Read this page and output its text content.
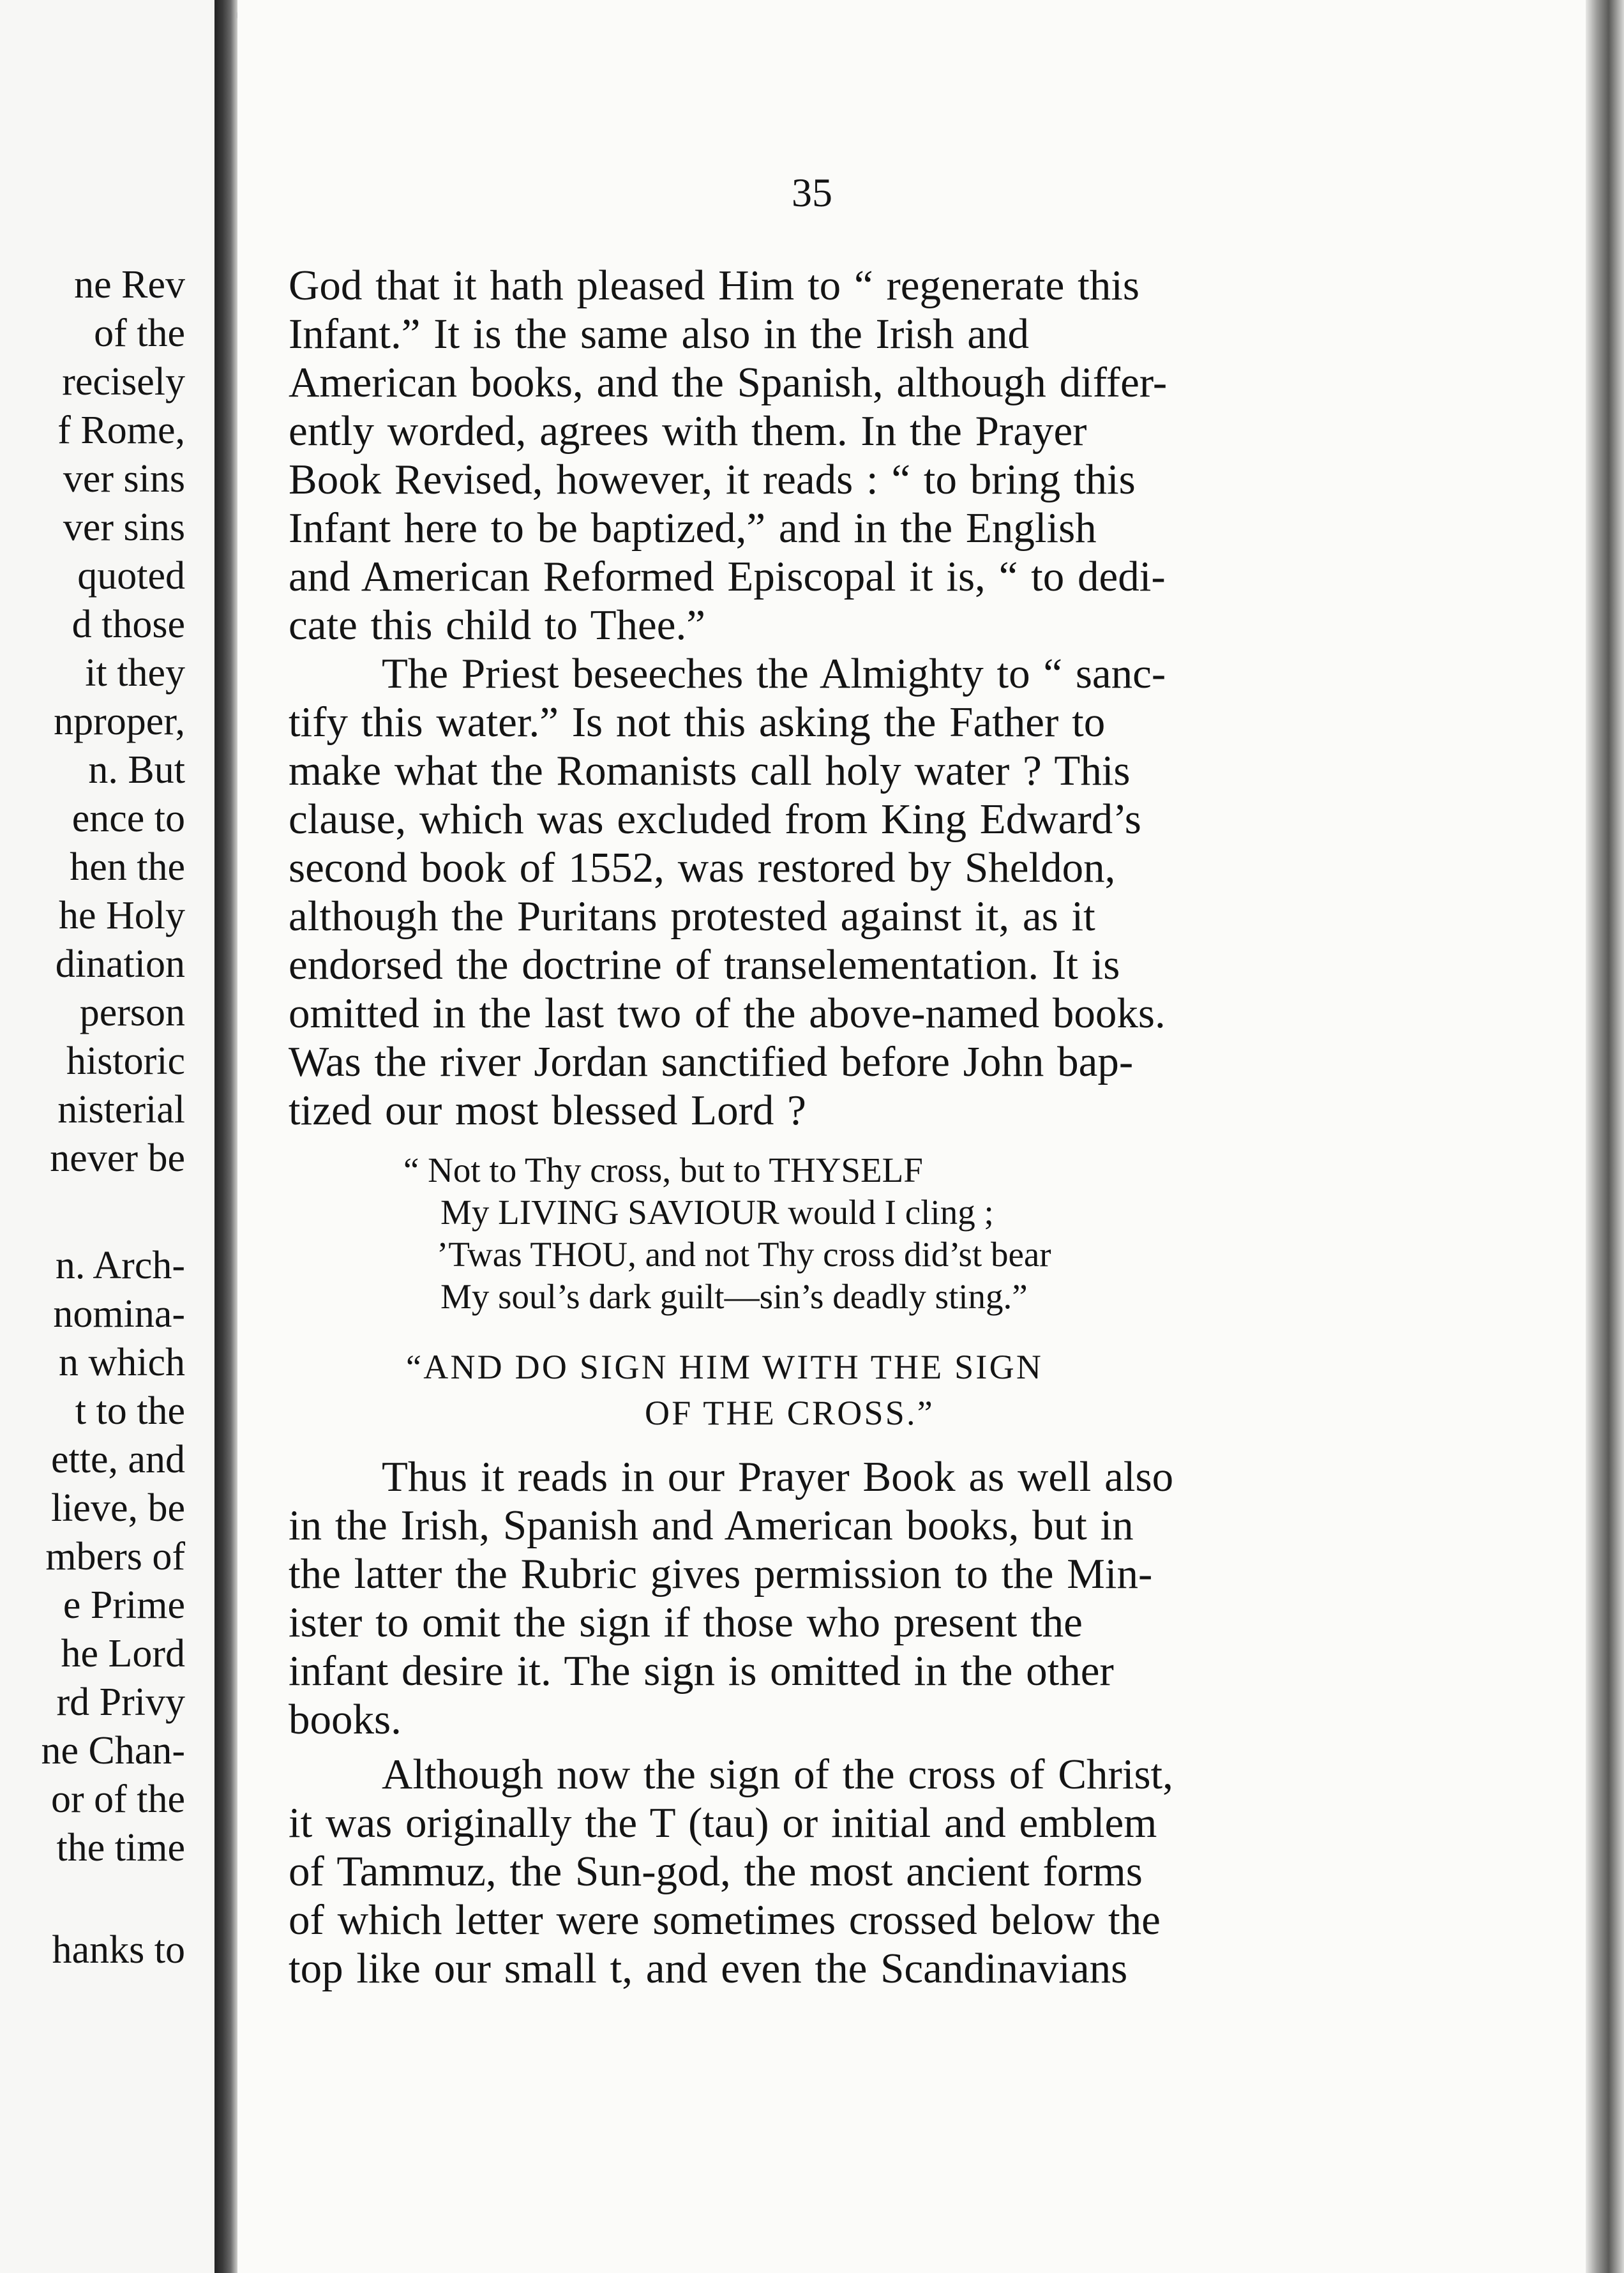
ne Rev
of the
recisely
f Rome,
ver sins
ver sins
quoted
d those
it they
nproper,
n. But
ence to
hen the
he Holy
dination
person
historic
nisterial
never be
n. Arch-
nomina-
n which
t to the
ette, and
lieve, be
mbers of
e Prime
he Lord
rd Privy
ne Chan-
or of the
the time
hanks to
35
God that it hath pleased Him to “ regenerate this
Infant.” It is the same also in the Irish and
American books, and the Spanish, although differ-
ently worded, agrees with them. In the Prayer
Book Revised, however, it reads : “ to bring this
Infant here to be baptized,” and in the English
and American Reformed Episcopal it is, “ to dedi-
cate this child to Thee.”
The Priest beseeches the Almighty to “ sanc-
tify this water.” Is not this asking the Father to
make what the Romanists call holy water ? This
clause, which was excluded from King Edward’s
second book of 1552, was restored by Sheldon,
although the Puritans protested against it, as it
endorsed the doctrine of transelementation. It is
omitted in the last two of the above-named books.
Was the river Jordan sanctified before John bap-
tized our most blessed Lord ?
“ Not to Thy cross, but to THYSELF
My LIVING SAVIOUR would I cling ;
’Twas THOU, and not Thy cross did’st bear
My soul’s dark guilt—sin’s deadly sting.”
“AND DO SIGN HIM WITH THE SIGN
OF THE CROSS.”
Thus it reads in our Prayer Book as well also
in the Irish, Spanish and American books, but in
the latter the Rubric gives permission to the Min-
ister to omit the sign if those who present the
infant desire it. The sign is omitted in the other
books.
Although now the sign of the cross of Christ,
it was originally the T (tau) or initial and emblem
of Tammuz, the Sun-god, the most ancient forms
of which letter were sometimes crossed below the
top like our small t, and even the Scandinavians
